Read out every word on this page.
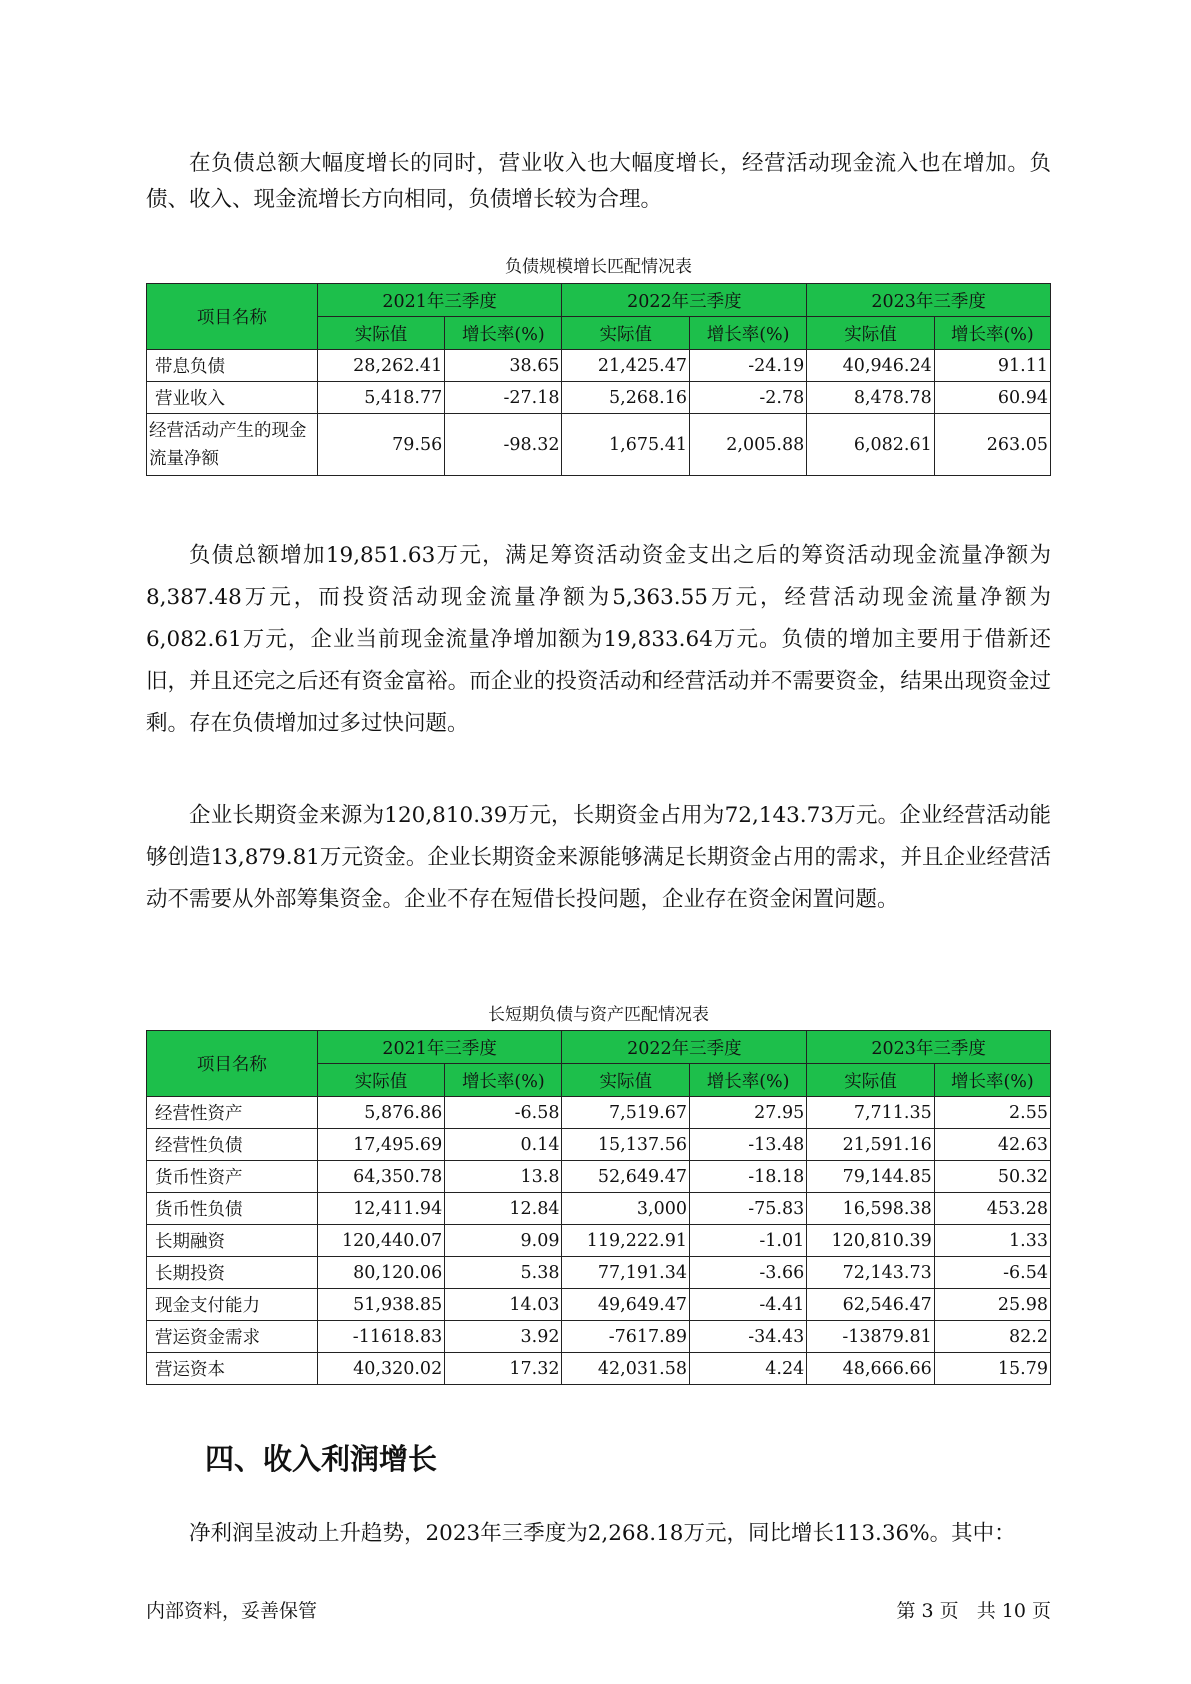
在负债总额大幅度增长的同时，营业收入也大幅度增长，经营活动现金流入也在增加。负债、收入、现金流增长方向相同，负债增长较为合理。

负债规模增长匹配情况表
项目名称	2021年三季度		2022年三季度		2023年三季度	
	实际值	增长率(%)	实际值	增长率(%)	实际值	增长率(%)
带息负债	28,262.41	38.65	21,425.47	-24.19	40,946.24	91.11
营业收入	5,418.77	-27.18	5,268.16	-2.78	8,478.78	60.94
经营活动产生的现金流量净额	79.56	-98.32	1,675.41	2,005.88	6,082.61	263.05

负债总额增加19,851.63万元，满足筹资活动资金支出之后的筹资活动现金流量净额为8,387.48万元，而投资活动现金流量净额为5,363.55万元，经营活动现金流量净额为6,082.61万元，企业当前现金流量净增加额为19,833.64万元。负债的增加主要用于借新还旧，并且还完之后还有资金富裕。而企业的投资活动和经营活动并不需要资金，结果出现资金过剩。存在负债增加过多过快问题。

企业长期资金来源为120,810.39万元，长期资金占用为72,143.73万元。企业经营活动能够创造13,879.81万元资金。企业长期资金来源能够满足长期资金占用的需求，并且企业经营活动不需要从外部筹集资金。企业不存在短借长投问题，企业存在资金闲置问题。

长短期负债与资产匹配情况表
项目名称	2021年三季度		2022年三季度		2023年三季度	
	实际值	增长率(%)	实际值	增长率(%)	实际值	增长率(%)
经营性资产	5,876.86	-6.58	7,519.67	27.95	7,711.35	2.55
经营性负债	17,495.69	0.14	15,137.56	-13.48	21,591.16	42.63
货币性资产	64,350.78	13.8	52,649.47	-18.18	79,144.85	50.32
货币性负债	12,411.94	12.84	3,000	-75.83	16,598.38	453.28
长期融资	120,440.07	9.09	119,222.91	-1.01	120,810.39	1.33
长期投资	80,120.06	5.38	77,191.34	-3.66	72,143.73	-6.54
现金支付能力	51,938.85	14.03	49,649.47	-4.41	62,546.47	25.98
营运资金需求	-11618.83	3.92	-7617.89	-34.43	-13879.81	82.2
营运资本	40,320.02	17.32	42,031.58	4.24	48,666.66	15.79
四、收入利润增长

净利润呈波动上升趋势，2023年三季度为2,268.18万元，同比增长113.36%。其中：

内部资料，妥善保管	第 3 页   共 10 页
